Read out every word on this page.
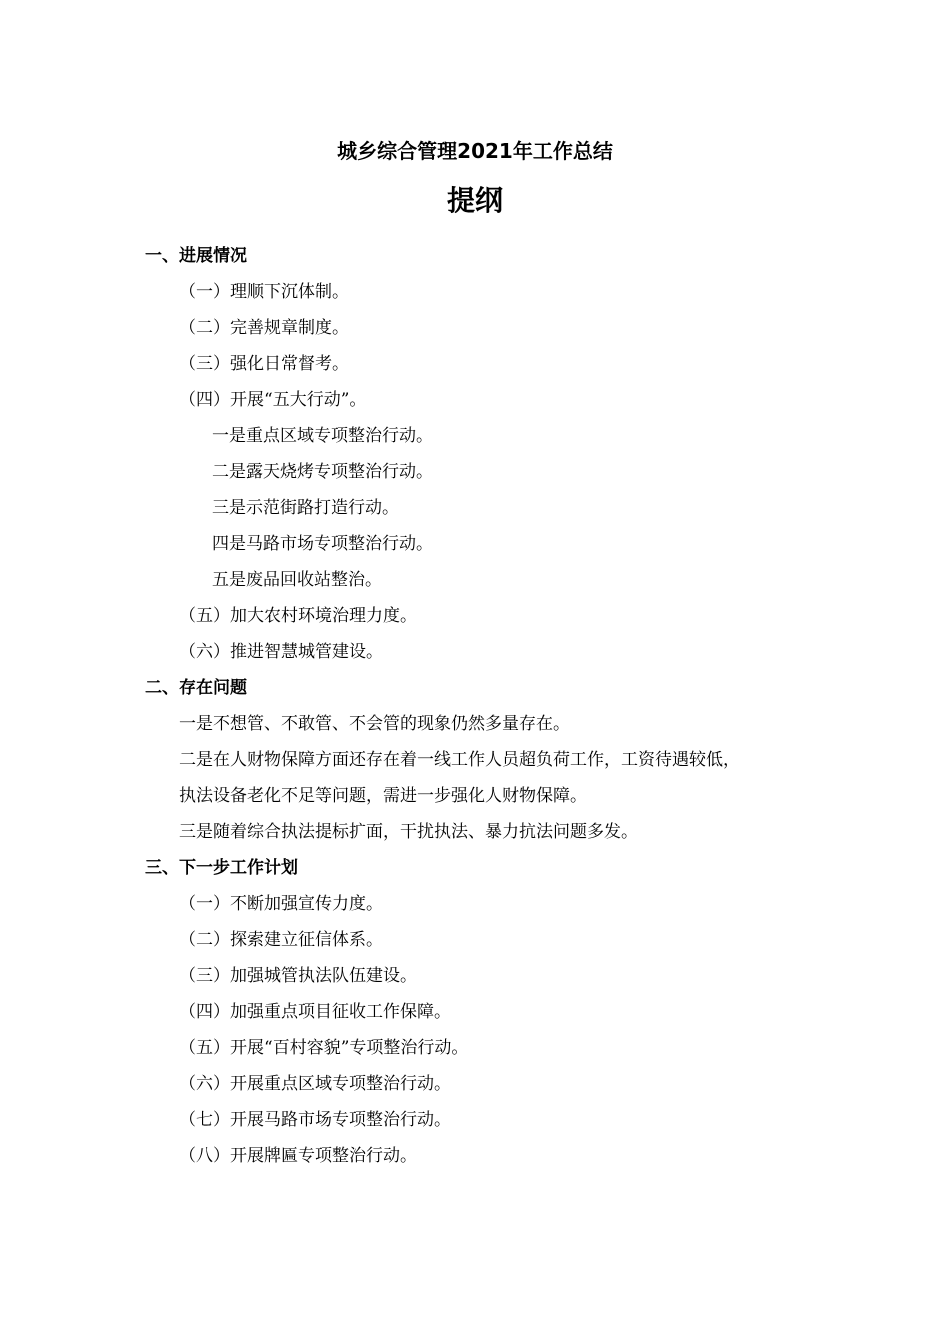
城乡综合管理2021年工作总结
提纲
一、进展情况
（一）理顺下沉体制。
（二）完善规章制度。
（三）强化日常督考。
（四）开展“五大行动”。
一是重点区域专项整治行动。
二是露天烧烤专项整治行动。
三是示范街路打造行动。
四是马路市场专项整治行动。
五是废品回收站整治。
（五）加大农村环境治理力度。
（六）推进智慧城管建设。
二、存在问题
一是不想管、不敢管、不会管的现象仍然多量存在。
二是在人财物保障方面还存在着一线工作人员超负荷工作，工资待遇较低，
执法设备老化不足等问题，需进一步强化人财物保障。
三是随着综合执法提标扩面，干扰执法、暴力抗法问题多发。
三、下一步工作计划
（一）不断加强宣传力度。
（二）探索建立征信体系。
（三）加强城管执法队伍建设。
（四）加强重点项目征收工作保障。
（五）开展“百村容貌”专项整治行动。
（六）开展重点区域专项整治行动。
（七）开展马路市场专项整治行动。
（八）开展牌匾专项整治行动。
